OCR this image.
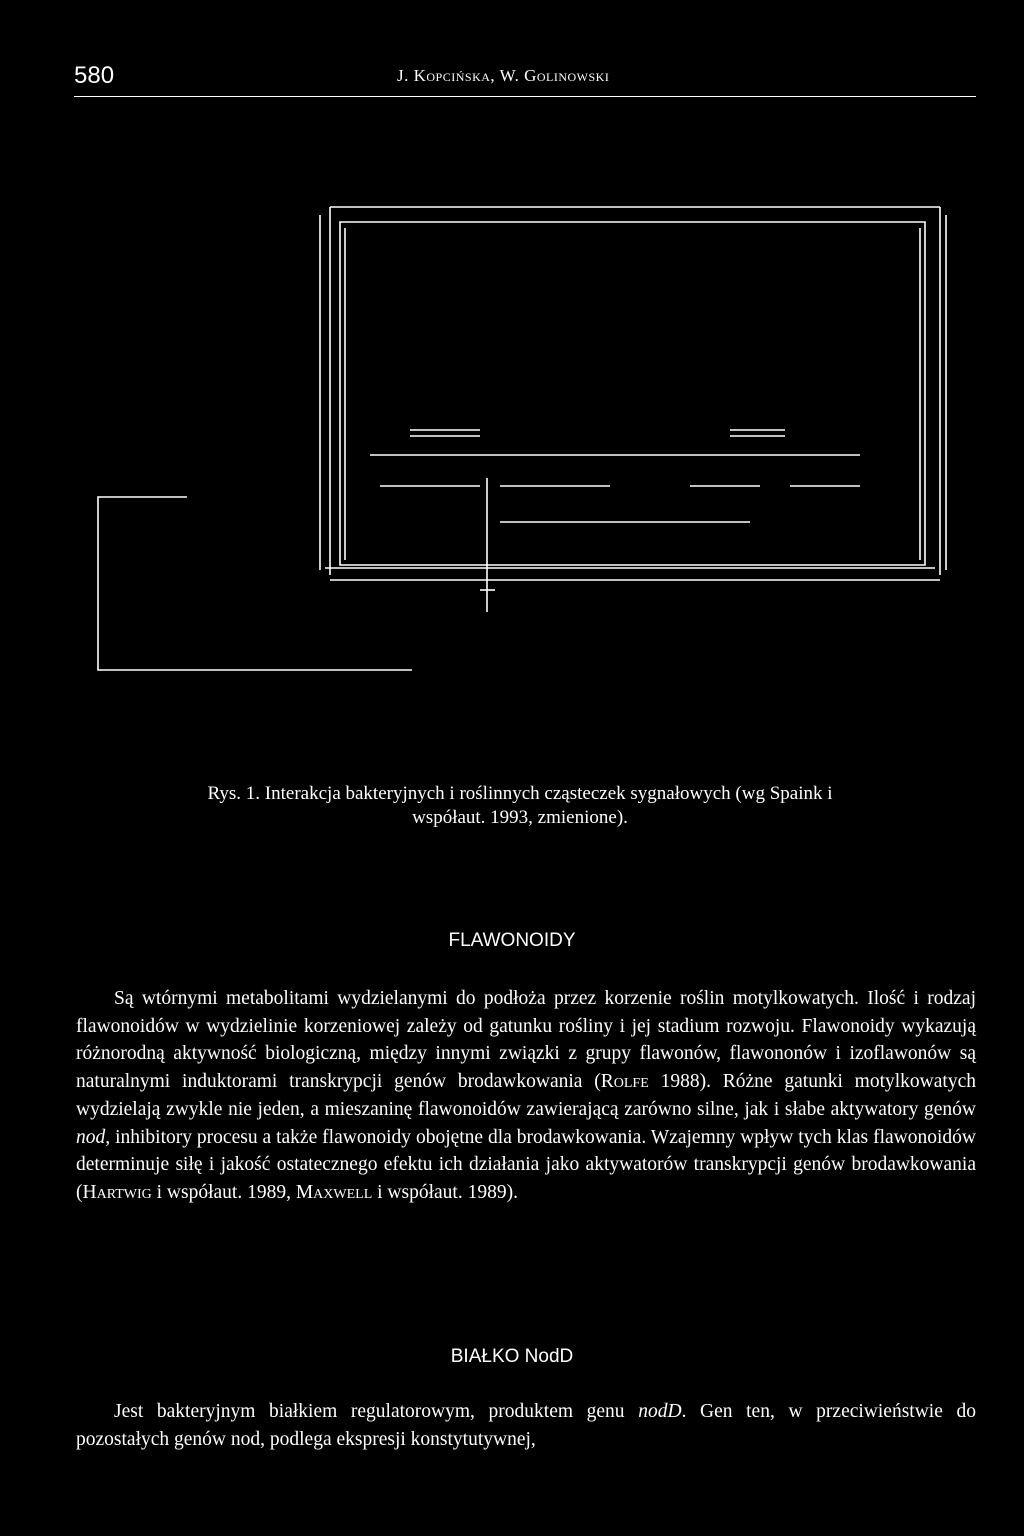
580	J. Kopcińska, W. Golinowski
Rys. 1. Interakcja bakteryjnych i roślinnych cząsteczek sygnałowych (wg Spaink i
współaut. 1993, zmienione).
FLAWONOIDY

Są wtórnymi metabolitami wydzielanymi do podłoża przez korzenie roślin motylkowatych. Ilość i rodzaj flawonoidów w wydzielinie korzeniowej zależy od gatunku rośliny i jej stadium rozwoju. Flawonoidy wykazują różnorodną aktywność biologiczną, między innymi związki z grupy flawonów, flawononów i izoflawonów są naturalnymi induktorami transkrypcji genów brodawkowania (Rolfe 1988). Różne gatunki motylkowatych wydzielają zwykle nie jeden, a mieszaninę flawonoidów zawierającą zarówno silne, jak i słabe aktywatory genów nod, inhibitory procesu a także flawonoidy obojętne dla brodawkowania. Wzajemny wpływ tych klas flawonoidów determinuje siłę i jakość ostatecznego efektu ich działania jako aktywatorów transkrypcji genów brodawkowania (Hartwig i współaut. 1989, Maxwell i współaut. 1989).

BIAŁKO NodD

Jest bakteryjnym białkiem regulatorowym, produktem genu nodD. Gen ten, w przeciwieństwie do pozostałych genów nod, podlega ekspresji konstytutywnej,
